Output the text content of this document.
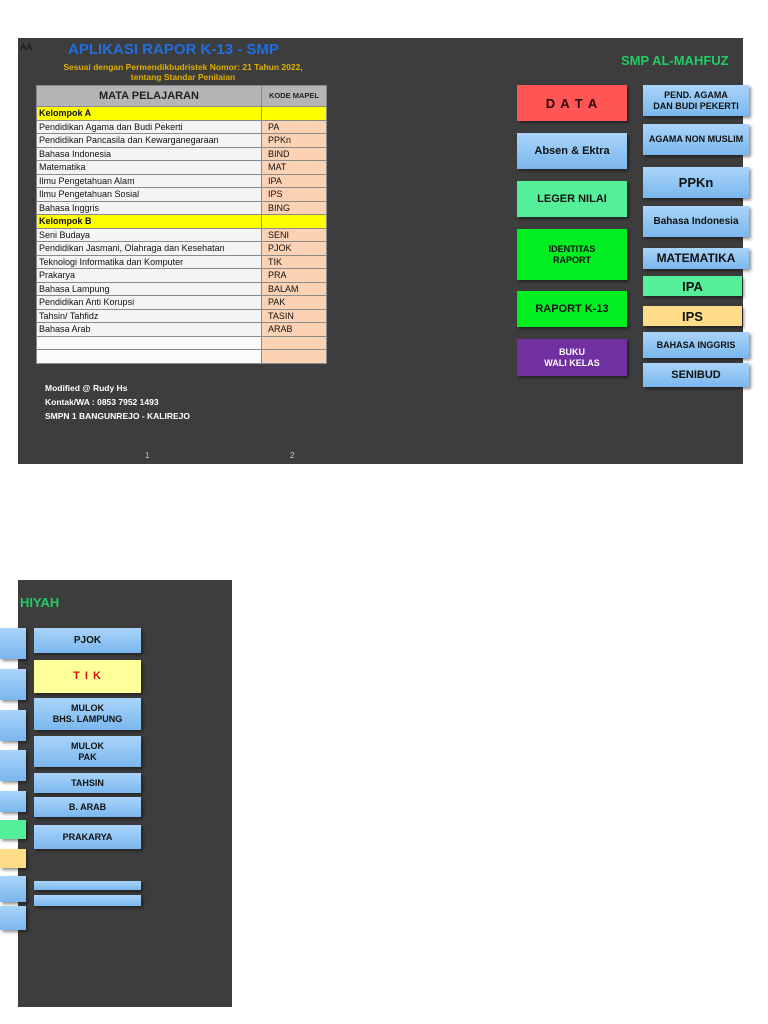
AA APLIKASI RAPOR K-13 - SMP
Sesuai dengan Permendikbudristek Nomor: 21 Tahun 2022,
tentang Standar Penilaian
SMP AL-MAHFUZ
MATA PELAJARAN	KODE MAPEL
Kelompok A	
Pendidikan Agama dan Budi Pekerti	PA
Pendidikan Pancasila dan Kewarganegaraan	PPKn
Bahasa Indonesia	BIND
Matematika	MAT
Ilmu Pengetahuan Alam	IPA
Ilmu Pengetahuan Sosial	IPS
Bahasa Inggris	BING
Kelompok B	
Seni Budaya	SENI
Pendidikan Jasmani, Olahraga dan Kesehatan	PJOK
Teknologi Informatika dan Komputer	TIK
Prakarya	PRA
Bahasa Lampung	BALAM
Pendidikan Anti Korupsi	PAK
Tahsin/ Tahfidz	TASIN
Bahasa Arab	ARAB

Modified @ Rudy Hs
Kontak/WA : 0853 7952 1493
SMPN 1 BANGUNREJO - KALIREJO
1	2
D A T A
Absen & Ektra
LEGER NILAI
IDENTITAS
RAPORT
RAPORT K-13
BUKU
WALI KELAS
PEND. AGAMA
DAN BUDI PEKERTI
AGAMA NON MUSLIM
PPKn
Bahasa Indonesia
MATEMATIKA
IPA
IPS
BAHASA INGGRIS
SENIBUD
HIYAH
PJOK
T I K
MULOK
BHS. LAMPUNG
MULOK
PAK
TAHSIN
B. ARAB
PRAKARYA
